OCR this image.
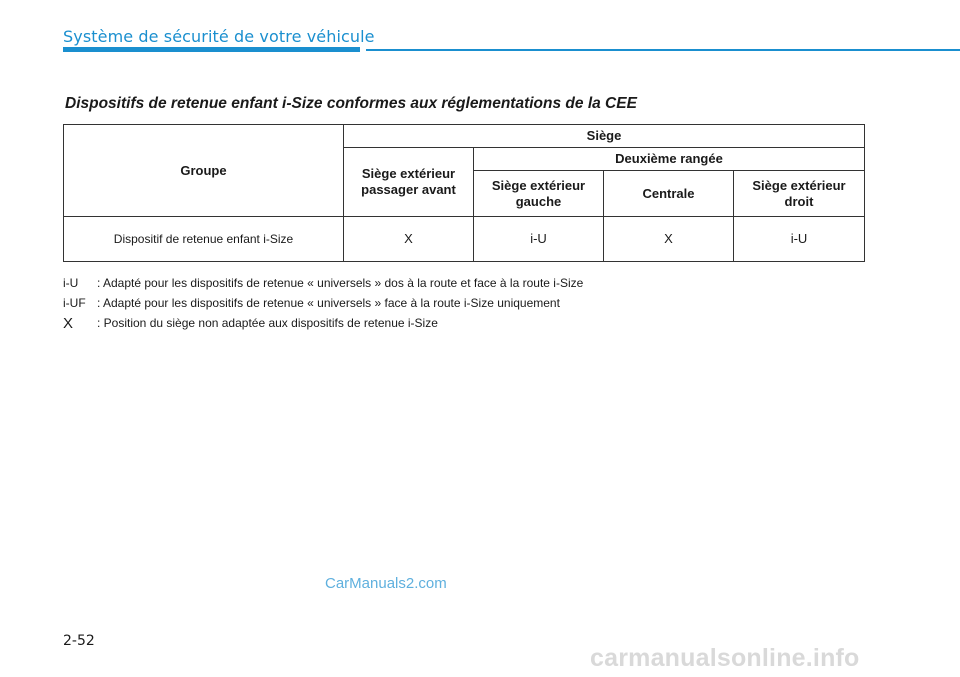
Système de sécurité de votre véhicule
Dispositifs de retenue enfant i-Size conformes aux réglementations de la CEE
Groupe	Siège			
	Siège extérieur passager avant	Deuxième rangée		
		Siège extérieur gauche	Centrale	Siège extérieur droit
Dispositif de retenue enfant i-Size	X	i-U	X	i-U
i-U	: Adapté pour les dispositifs de retenue « universels » dos à la route et face à la route i-Size
i-UF : Adapté pour les dispositifs de retenue « universels » face à la route i-Size uniquement
X	: Position du siège non adaptée aux dispositifs de retenue i-Size
CarManuals2.com
2-52
carmanualsonline.info
